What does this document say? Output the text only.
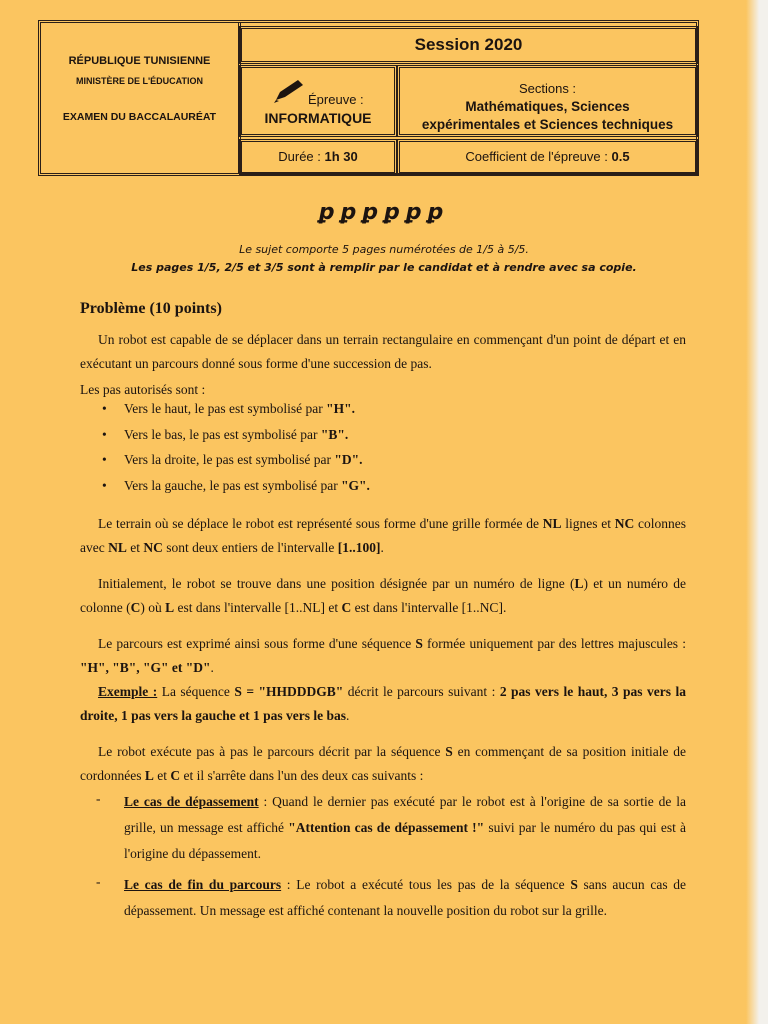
RÉPUBLIQUE TUNISIENNE
MINISTÈRE DE L'ÉDUCATION
EXAMEN DU BACCALAURÉAT
Session 2020
Épreuve :
INFORMATIQUE
Sections :
Mathématiques, Sciences
expérimentales et Sciences techniques
Durée : 1h 30	Coefficient de l'épreuve : 0.5
ꝑꝑꝑꝑꝑꝑ
Le sujet comporte 5 pages numérotées de 1/5 à 5/5.
Les pages 1/5, 2/5 et 3/5 sont à remplir par le candidat et à rendre avec sa copie.
Problème (10 points)
Un robot est capable de se déplacer dans un terrain rectangulaire en commençant d'un point de départ et en exécutant un parcours donné sous forme d'une succession de pas.
Les pas autorisés sont :
• Vers le haut, le pas est symbolisé par "H".
• Vers le bas, le pas est symbolisé par "B".
• Vers la droite, le pas est symbolisé par "D".
• Vers la gauche, le pas est symbolisé par "G".
Le terrain où se déplace le robot est représenté sous forme d'une grille formée de NL lignes et NC colonnes avec NL et NC sont deux entiers de l'intervalle [1..100].
Initialement, le robot se trouve dans une position désignée par un numéro de ligne (L) et un numéro de colonne (C) où L est dans l'intervalle [1..NL] et C est dans l'intervalle [1..NC].
Le parcours est exprimé ainsi sous forme d'une séquence S formée uniquement par des lettres majuscules : "H", "B", "G" et "D".
Exemple : La séquence S = "HHDDDGB" décrit le parcours suivant : 2 pas vers le haut, 3 pas vers la droite, 1 pas vers la gauche et 1 pas vers le bas.
Le robot exécute pas à pas le parcours décrit par la séquence S en commençant de sa position initiale de cordonnées L et C et il s'arrête dans l'un des deux cas suivants :
- Le cas de dépassement : Quand le dernier pas exécuté par le robot est à l'origine de sa sortie de la grille, un message est affiché "Attention cas de dépassement !" suivi par le numéro du pas qui est à l'origine du dépassement.
- Le cas de fin du parcours : Le robot a exécuté tous les pas de la séquence S sans aucun cas de dépassement. Un message est affiché contenant la nouvelle position du robot sur la grille.
